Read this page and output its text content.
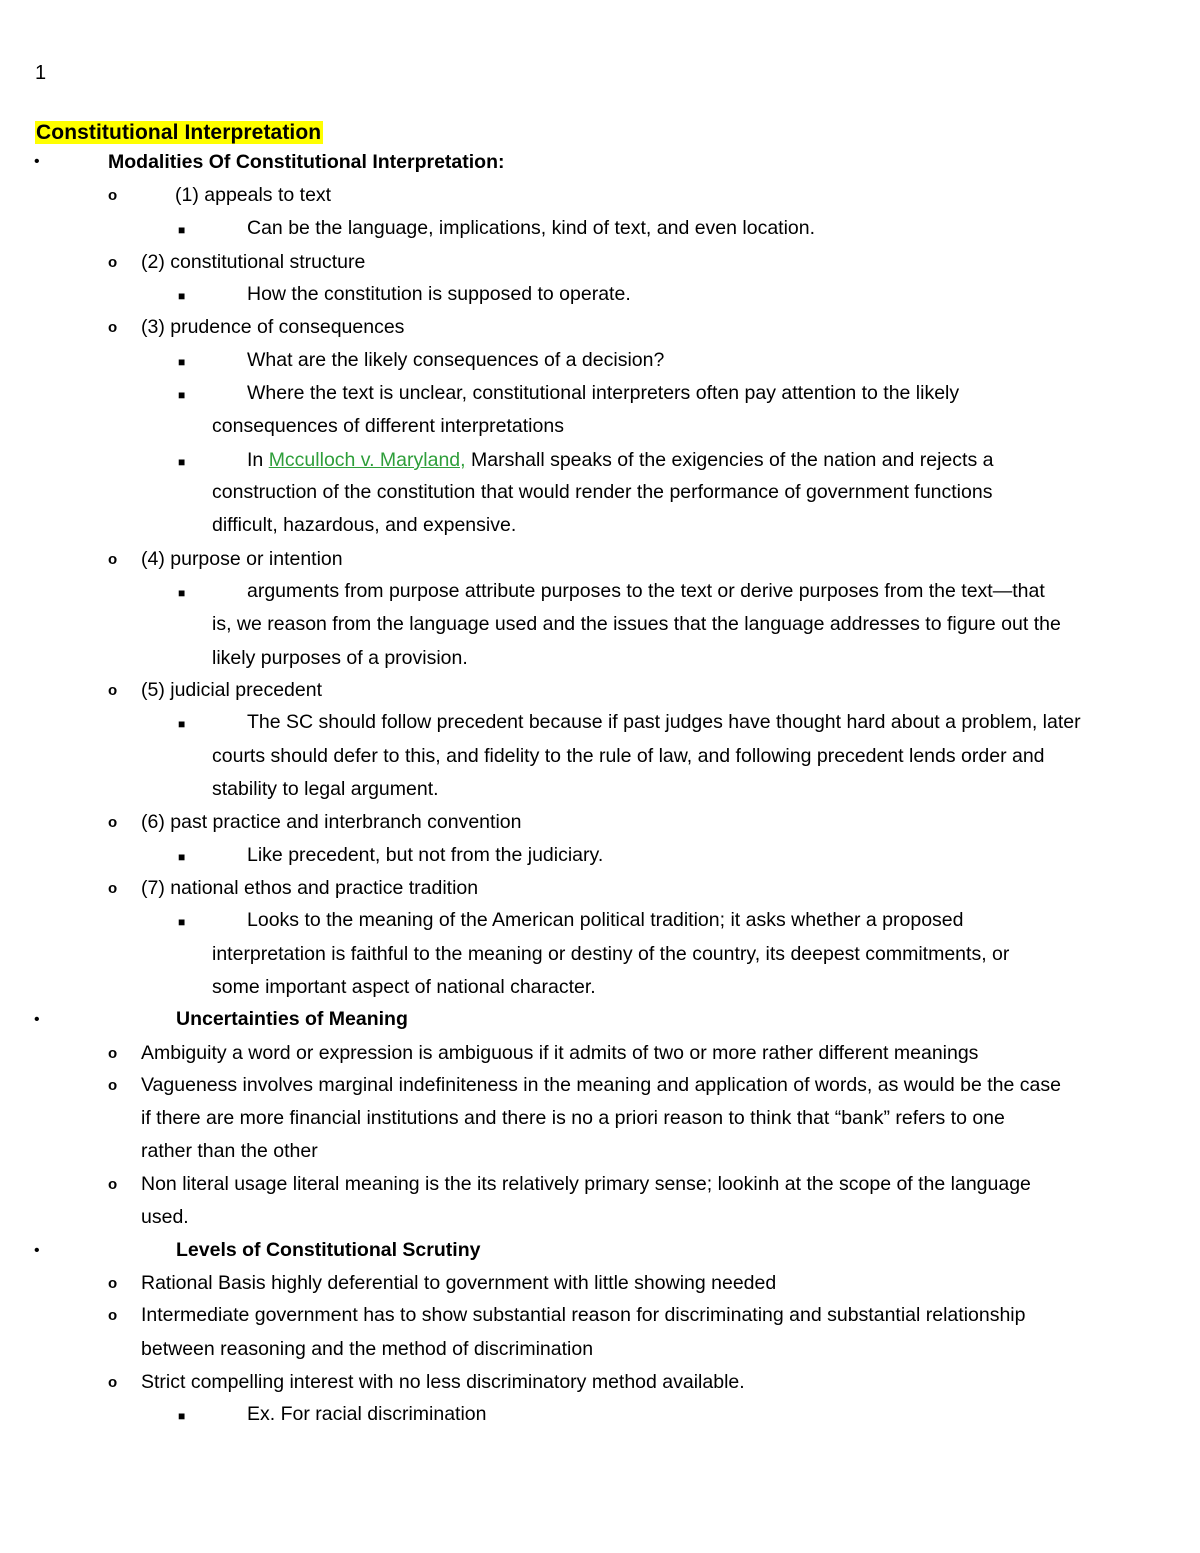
1
Constitutional Interpretation
•	Modalities Of Constitutional Interpretation:
o	(1) appeals to text
■	Can be the language, implications, kind of text, and even location.
o (2) constitutional structure
■	How the constitution is supposed to operate.
o (3) prudence of consequences
■	What are the likely consequences of a decision?
■	Where the text is unclear, constitutional interpreters often pay attention to the likely
consequences of different interpretations
■	In Mcculloch v. Maryland, Marshall speaks of the exigencies of the nation and rejects a
construction of the constitution that would render the performance of government functions
difficult, hazardous, and expensive.
o (4) purpose or intention
■	arguments from purpose attribute purposes to the text or derive purposes from the text—that
is, we reason from the language used and the issues that the language addresses to figure out the
likely purposes of a provision.
o (5) judicial precedent
■	The SC should follow precedent because if past judges have thought hard about a problem, later
courts should defer to this, and fidelity to the rule of law, and following precedent lends order and
stability to legal argument.
o (6) past practice and interbranch convention
■	Like precedent, but not from the judiciary.
o (7) national ethos and practice tradition
■	Looks to the meaning of the American political tradition; it asks whether a proposed
interpretation is faithful to the meaning or destiny of the country, its deepest commitments, or
some important aspect of national character.
•	Uncertainties of Meaning
o Ambiguity a word or expression is ambiguous if it admits of two or more rather different meanings
o Vagueness involves marginal indefiniteness in the meaning and application of words, as would be the case
if there are more financial institutions and there is no a priori reason to think that “bank” refers to one
rather than the other
o Non literal usage literal meaning is the its relatively primary sense; lookinh at the scope of the language
used.
•	Levels of Constitutional Scrutiny
o Rational Basis highly deferential to government with little showing needed
o Intermediate government has to show substantial reason for discriminating and substantial relationship
between reasoning and the method of discrimination
o Strict compelling interest with no less discriminatory method available.
■	Ex. For racial discrimination
